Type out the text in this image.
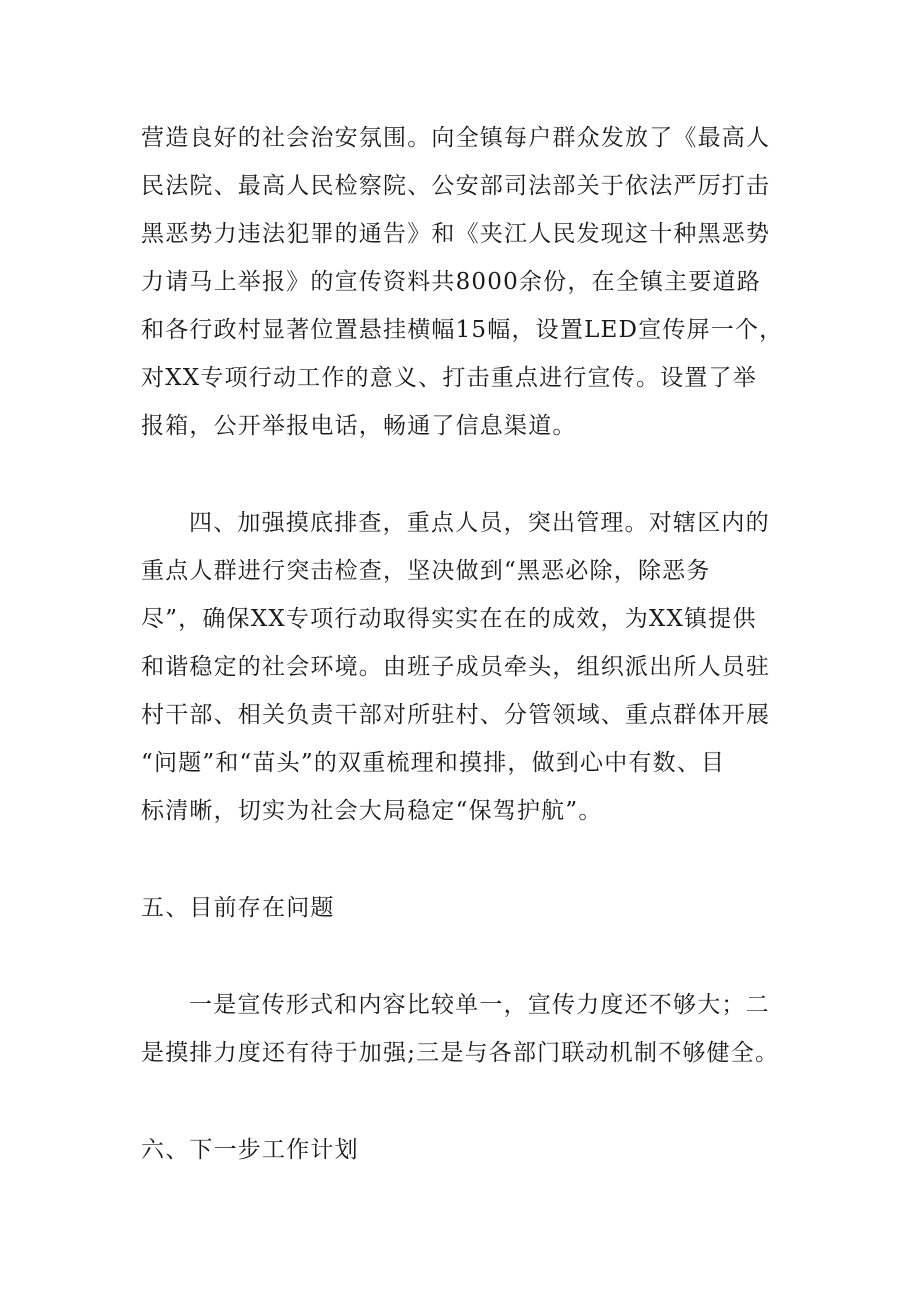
营造良好的社会治安氛围。向全镇每户群众发放了《最高人
民法院、最高人民检察院、公安部司法部关于依法严厉打击
黑恶势力违法犯罪的通告》和《夹江人民发现这十种黑恶势
力请马上举报》的宣传资料共8000余份，在全镇主要道路
和各行政村显著位置悬挂横幅15幅，设置LED宣传屏一个，
对XX专项行动工作的意义、打击重点进行宣传。设置了举
报箱，公开举报电话，畅通了信息渠道。
四、加强摸底排查，重点人员，突出管理。对辖区内的
重点人群进行突击检查，坚决做到“黑恶必除，除恶务
尽”，确保XX专项行动取得实实在在的成效，为XX镇提供
和谐稳定的社会环境。由班子成员牵头，组织派出所人员驻
村干部、相关负责干部对所驻村、分管领域、重点群体开展
“问题”和“苗头”的双重梳理和摸排，做到心中有数、目
标清晰，切实为社会大局稳定“保驾护航”。
五、目前存在问题
一是宣传形式和内容比较单一，宣传力度还不够大；二
是摸排力度还有待于加强;三是与各部门联动机制不够健全。
六、下一步工作计划
